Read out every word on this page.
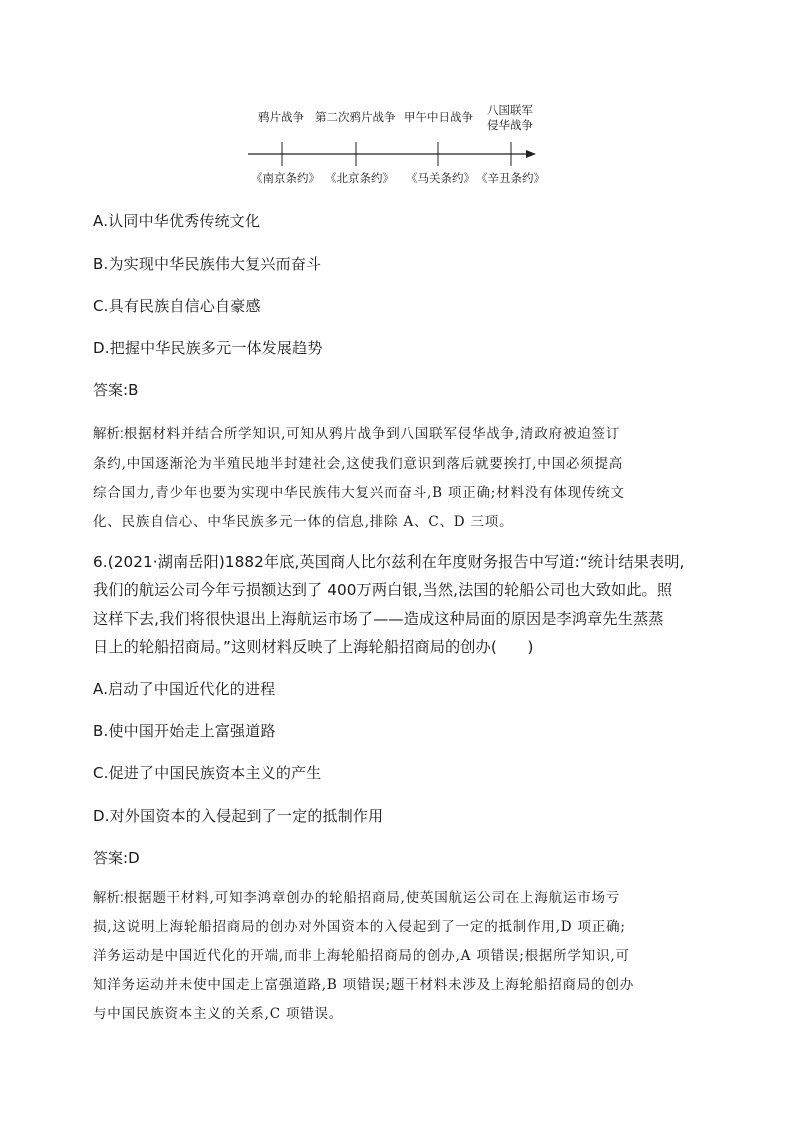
鸦片战争 第二次鸦片战争 甲午中日战争 八国联军
侵华战争
《南京条约》 《北京条约》 《马关条约》 《辛丑条约》

A.认同中华优秀传统文化

B.为实现中华民族伟大复兴而奋斗

C.具有民族自信心自豪感

D.把握中华民族多元一体发展趋势

答案:B

解析:根据材料并结合所学知识,可知从鸦片战争到八国联军侵华战争,清政府被迫签订

条约,中国逐渐沦为半殖民地半封建社会,这使我们意识到落后就要挨打,中国必须提高

综合国力,青少年也要为实现中华民族伟大复兴而奋斗,B 项正确;材料没有体现传统文

化、民族自信心、中华民族多元一体的信息,排除 A、C、D 三项。

6.(2021·湖南岳阳)1882年底,英国商人比尔兹利在年度财务报告中写道:“统计结果表明,

我们的航运公司今年亏损额达到了 400万两白银,当然,法国的轮船公司也大致如此。照

这样下去,我们将很快退出上海航运市场了——造成这种局面的原因是李鸿章先生蒸蒸

日上的轮船招商局。”这则材料反映了上海轮船招商局的创办(　　)

A.启动了中国近代化的进程

B.使中国开始走上富强道路

C.促进了中国民族资本主义的产生

D.对外国资本的入侵起到了一定的抵制作用

答案:D

解析:根据题干材料,可知李鸿章创办的轮船招商局,使英国航运公司在上海航运市场亏

损,这说明上海轮船招商局的创办对外国资本的入侵起到了一定的抵制作用,D 项正确;

洋务运动是中国近代化的开端,而非上海轮船招商局的创办,A 项错误;根据所学知识,可

知洋务运动并未使中国走上富强道路,B 项错误;题干材料未涉及上海轮船招商局的创办

与中国民族资本主义的关系,C 项错误。
